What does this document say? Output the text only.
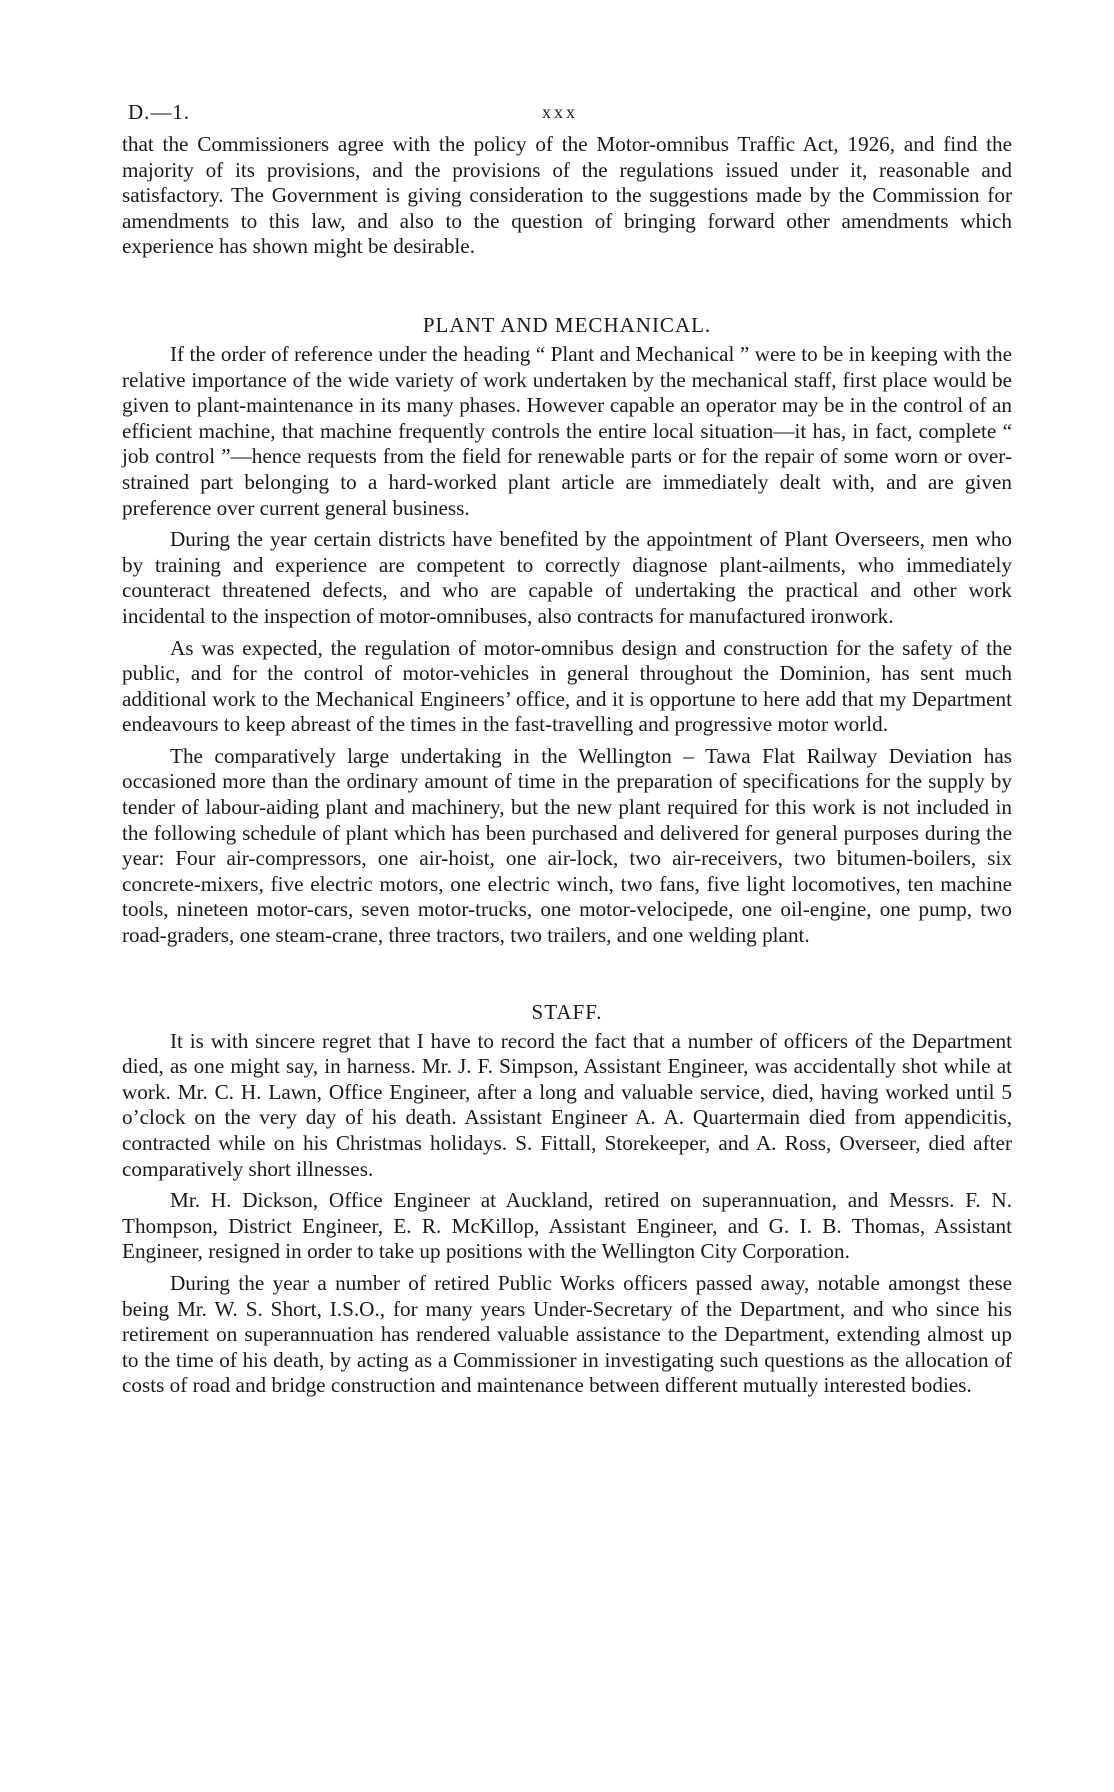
D.—1.	xxx

that the Commissioners agree with the policy of the Motor-omnibus Traffic Act, 1926, and find the majority of its provisions, and the provisions of the regulations issued under it, reasonable and satisfactory. The Government is giving consideration to the suggestions made by the Commission for amendments to this law, and also to the question of bringing forward other amendments which experience has shown might be desirable.

PLANT AND MECHANICAL.

If the order of reference under the heading “ Plant and Mechanical ” were to be in keeping with the relative importance of the wide variety of work undertaken by the mechanical staff, first place would be given to plant-maintenance in its many phases. However capable an operator may be in the control of an efficient machine, that machine frequently controls the entire local situation—it has, in fact, complete “ job control ”—hence requests from the field for renewable parts or for the repair of some worn or over-strained part belonging to a hard-worked plant article are immediately dealt with, and are given preference over current general business.

During the year certain districts have benefited by the appointment of Plant Overseers, men who by training and experience are competent to correctly diagnose plant-ailments, who immediately counteract threatened defects, and who are capable of undertaking the practical and other work incidental to the inspection of motor-omnibuses, also contracts for manufactured ironwork.

As was expected, the regulation of motor-omnibus design and construction for the safety of the public, and for the control of motor-vehicles in general throughout the Dominion, has sent much additional work to the Mechanical Engineers’ office, and it is opportune to here add that my Department endeavours to keep abreast of the times in the fast-travelling and progressive motor world.

The comparatively large undertaking in the Wellington – Tawa Flat Railway Deviation has occasioned more than the ordinary amount of time in the preparation of specifications for the supply by tender of labour-aiding plant and machinery, but the new plant required for this work is not included in the following schedule of plant which has been purchased and delivered for general purposes during the year: Four air-compressors, one air-hoist, one air-lock, two air-receivers, two bitumen-boilers, six concrete-mixers, five electric motors, one electric winch, two fans, five light locomotives, ten machine tools, nineteen motor-cars, seven motor-trucks, one motor-velocipede, one oil-engine, one pump, two road-graders, one steam-crane, three tractors, two trailers, and one welding plant.

STAFF.

It is with sincere regret that I have to record the fact that a number of officers of the Department died, as one might say, in harness. Mr. J. F. Simpson, Assistant Engineer, was accidentally shot while at work. Mr. C. H. Lawn, Office Engineer, after a long and valuable service, died, having worked until 5 o’clock on the very day of his death. Assistant Engineer A. A. Quartermain died from appendicitis, contracted while on his Christmas holidays. S. Fittall, Storekeeper, and A. Ross, Overseer, died after comparatively short illnesses.

Mr. H. Dickson, Office Engineer at Auckland, retired on superannuation, and Messrs. F. N. Thompson, District Engineer, E. R. McKillop, Assistant Engineer, and G. I. B. Thomas, Assistant Engineer, resigned in order to take up positions with the Wellington City Corporation.

During the year a number of retired Public Works officers passed away, notable amongst these being Mr. W. S. Short, I.S.O., for many years Under-Secretary of the Department, and who since his retirement on superannuation has rendered valuable assistance to the Department, extending almost up to the time of his death, by acting as a Commissioner in investigating such questions as the allocation of costs of road and bridge construction and maintenance between different mutually interested bodies.
